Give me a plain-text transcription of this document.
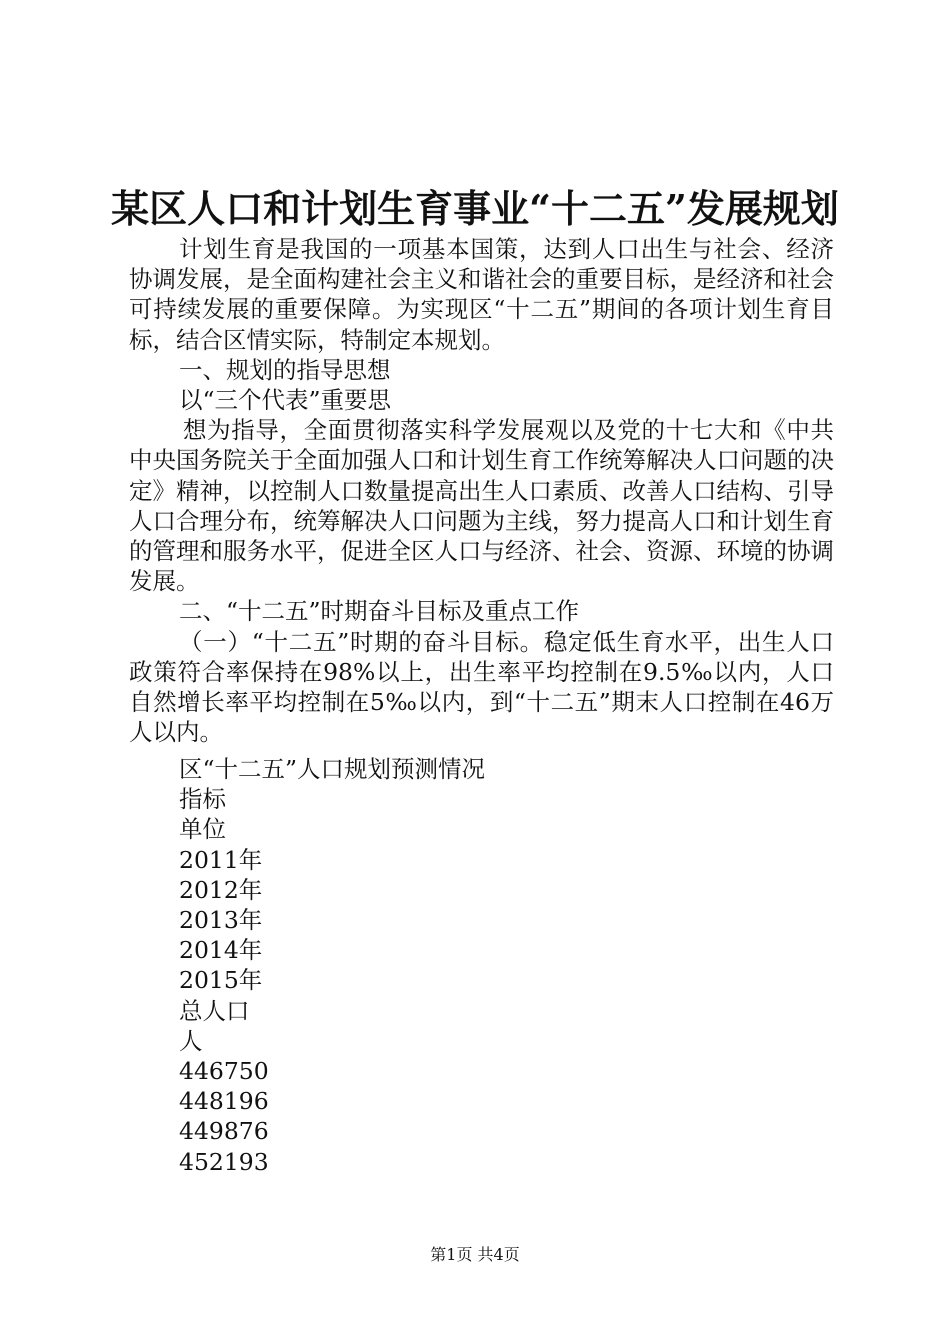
某区人口和计划生育事业“十二五”发展规划

计划生育是我国的一项基本国策，达到人口出生与社会、经济协调发展，是全面构建社会主义和谐社会的重要目标，是经济和社会可持续发展的重要保障。为实现区“十二五”期间的各项计划生育目标，结合区情实际，特制定本规划。

一、规划的指导思想

以“三个代表”重要思

想为指导，全面贯彻落实科学发展观以及党的十七大和《中共中央国务院关于全面加强人口和计划生育工作统筹解决人口问题的决定》精神，以控制人口数量提高出生人口素质、改善人口结构、引导人口合理分布，统筹解决人口问题为主线，努力提高人口和计划生育的管理和服务水平，促进全区人口与经济、社会、资源、环境的协调发展。

二、“十二五”时期奋斗目标及重点工作

（一）“十二五”时期的奋斗目标。稳定低生育水平，出生人口政策符合率保持在98%以上，出生率平均控制在9.5‰以内，人口自然增长率平均控制在5‰以内，到“十二五”期末人口控制在46万人以内。

区“十二五”人口规划预测情况
指标
单位
2011年
2012年
2013年
2014年
2015年
总人口
人
446750
448196
449876
452193
第1页 共4页
